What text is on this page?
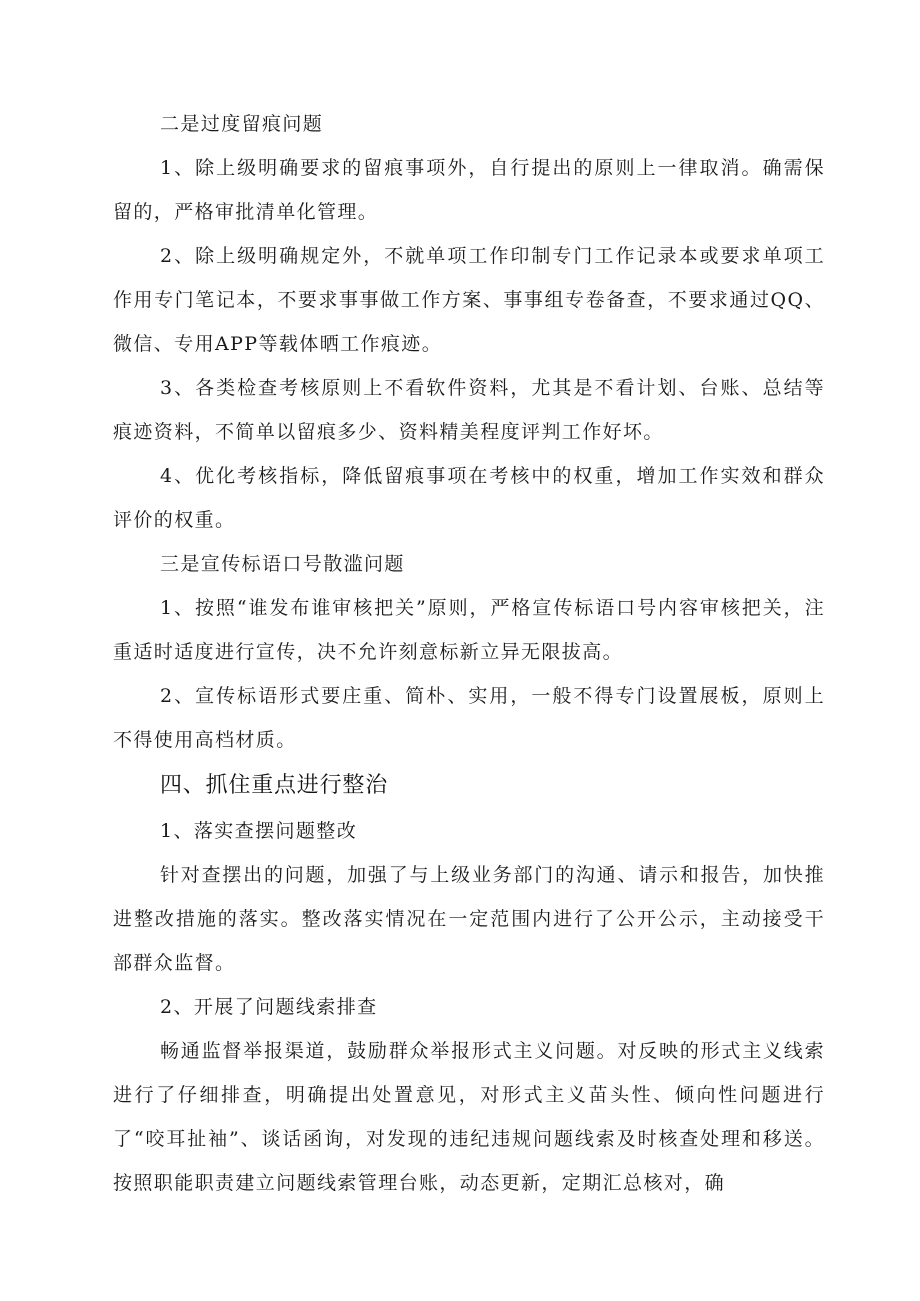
二是过度留痕问题

1、除上级明确要求的留痕事项外，自行提出的原则上一律取消。确需保留的，严格审批清单化管理。

2、除上级明确规定外，不就单项工作印制专门工作记录本或要求单项工作用专门笔记本，不要求事事做工作方案、事事组专卷备查，不要求通过QQ、微信、专用APP等载体晒工作痕迹。

3、各类检查考核原则上不看软件资料，尤其是不看计划、台账、总结等痕迹资料，不简单以留痕多少、资料精美程度评判工作好坏。

4、优化考核指标，降低留痕事项在考核中的权重，增加工作实效和群众评价的权重。

三是宣传标语口号散滥问题

1、按照“谁发布谁审核把关”原则，严格宣传标语口号内容审核把关，注重适时适度进行宣传，决不允许刻意标新立异无限拔高。

2、宣传标语形式要庄重、简朴、实用，一般不得专门设置展板，原则上不得使用高档材质。

四、抓住重点进行整治

1、落实查摆问题整改

针对查摆出的问题，加强了与上级业务部门的沟通、请示和报告，加快推进整改措施的落实。整改落实情况在一定范围内进行了公开公示，主动接受干部群众监督。

2、开展了问题线索排查

畅通监督举报渠道，鼓励群众举报形式主义问题。对反映的形式主义线索进行了仔细排查，明确提出处置意见，对形式主义苗头性、倾向性问题进行了“咬耳扯袖”、谈话函询，对发现的违纪违规问题线索及时核查处理和移送。按照职能职责建立问题线索管理台账，动态更新，定期汇总核对，确
